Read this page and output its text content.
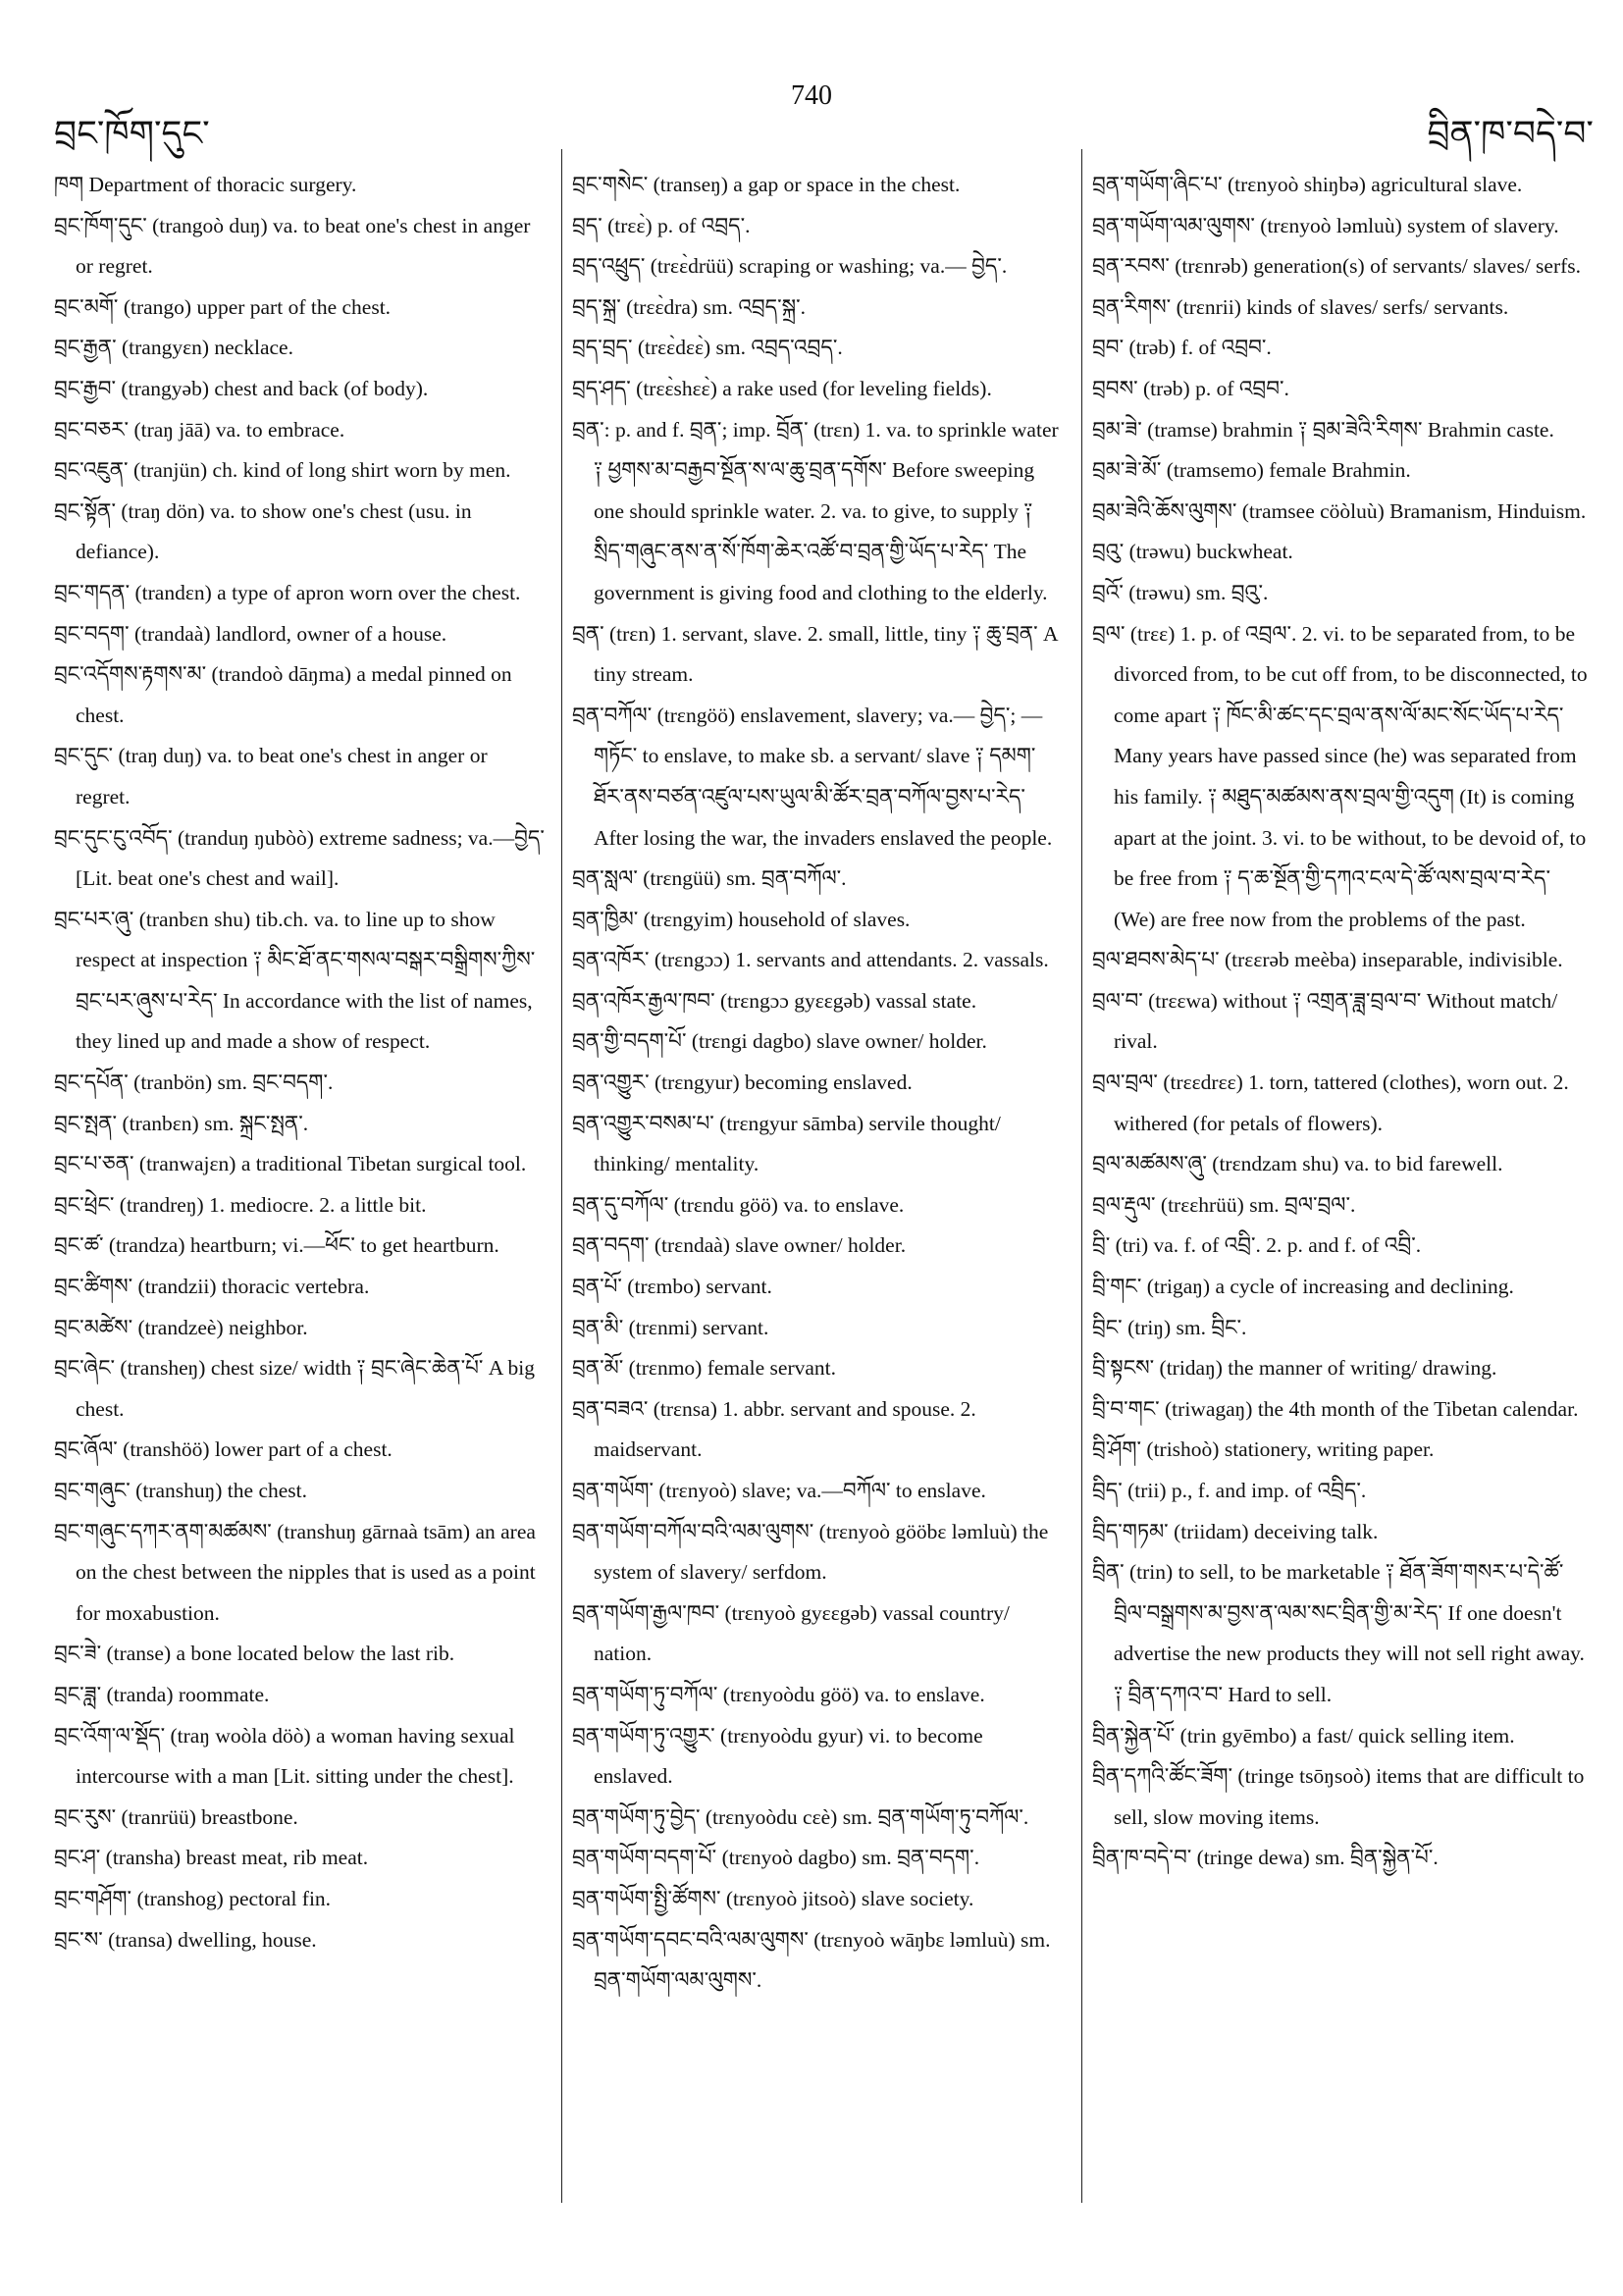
བྲང་ཁོག་དུང་
740
བྲིན་ཁ་བདེ་བ་

ཁག Department of thoracic surgery.

བྲང་ཁོག་དུང་ (trangoò duŋ) va. to beat one's chest in anger or regret.

བྲང་མགོ་ (trango) upper part of the chest.

བྲང་རྒྱན་ (trangyɛn) necklace.

བྲང་རྒྱབ་ (trangyəb) chest and back (of body).

བྲང་བཅར་ (traŋ jāā) va. to embrace.

བྲང་འཇུན་ (tranjün) ch. kind of long shirt worn by men.

བྲང་སྟོན་ (traŋ dön) va. to show one's chest (usu. in defiance).

བྲང་གདན་ (trandɛn) a type of apron worn over the chest.

བྲང་བདག་ (trandaà) landlord, owner of a house.

བྲང་འདོགས་རྟགས་མ་ (trandoò dāŋma) a medal pinned on chest.

བྲང་དུང་ (traŋ duŋ) va. to beat one's chest in anger or regret.

བྲང་དུང་ངུ་འབོད་ (tranduŋ ŋubòò) extreme sadness; va.—བྱེད་ [Lit. beat one's chest and wail].

བྲང་པར་ཞུ་ (tranbɛn shu) tib.ch. va. to line up to show respect at inspection ༑ མིང་ཐོ་ནང་གསལ་བསྒར་བསྒྲིགས་ཀྱིས་བྲང་པར་ཞུས་པ་རེད་ In accordance with the list of names, they lined up and made a show of respect.

བྲང་དཔོན་ (tranbön) sm. བྲང་བདག་.

བྲང་སྤན་ (tranbɛn) sm. སྐྲང་སྤན་.

བྲང་པ་ཅན་ (tranwajɛn) a traditional Tibetan surgical tool.

བྲང་ཕྲེང་ (trandreŋ) 1. mediocre. 2. a little bit.

བྲང་ཚ་ (trandza) heartburn; vi.—ཕོང་ to get heartburn.

བྲང་ཚིགས་ (trandzii) thoracic vertebra.

བྲང་མཚེས་ (trandzeè) neighbor.

བྲང་ཞེང་ (transheŋ) chest size/ width ༑ བྲང་ཞེང་ཆེན་པོ་ A big chest.

བྲང་ཞོལ་ (transhöö) lower part of a chest.

བྲང་གཞུང་ (transhuŋ) the chest.

བྲང་གཞུང་དཀར་ནག་མཚམས་ (transhuŋ gārnaà tsām) an area on the chest between the nipples that is used as a point for moxabustion.

བྲང་ཟེ་ (transe) a bone located below the last rib.

བྲང་ཟླ་ (tranda) roommate.

བྲང་འོག་ལ་སྡོད་ (traŋ woòla döò) a woman having sexual intercourse with a man [Lit. sitting under the chest].

བྲང་རུས་ (tranrüü) breastbone.

བྲང་ཤ་ (transha) breast meat, rib meat.

བྲང་གཤོག་ (transhog) pectoral fin.

བྲང་ས་ (transa) dwelling, house.

བྲང་གསེང་ (transeŋ) a gap or space in the chest.

བྲད་ (trɛɛ̀) p. of འབྲད་.

བྲད་འཕྲུད་ (trɛɛ̀drüü) scraping or washing; va.— བྱེད་.

བྲད་སྐྲ་ (trɛɛ̀dra) sm. འབྲད་སྐྲ་.

བྲད་བྲད་ (trɛɛ̀dɛɛ̀) sm. འབྲད་འབྲད་.

བྲད་ཤད་ (trɛɛ̀shɛɛ̀) a rake used (for leveling fields).

བྲན་: p. and f. བྲན་; imp. བྲོན་ (trɛn) 1. va. to sprinkle water ༑ ཕྱགས་མ་བརྒྱབ་སྔོན་ས་ལ་ཆུ་བྲན་དགོས་ Before sweeping one should sprinkle water. 2. va. to give, to supply ༑ སྲིད་གཞུང་ནས་ན་སོ་ཁོག་ཆེར་འཚོ་བ་བྲན་གྱི་ཡོད་པ་རེད་ The government is giving food and clothing to the elderly.

བྲན་ (trɛn) 1. servant, slave. 2. small, little, tiny ༑ ཆུ་བྲན་ A tiny stream.

བྲན་བཀོལ་ (trɛngöö) enslavement, slavery; va.— བྱེད་; —གཏོང་ to enslave, to make sb. a servant/ slave ༑ དམག་ཐོར་ནས་བཙན་འཛུལ་པས་ཡུལ་མི་ཚོར་བྲན་བཀོལ་བྱས་པ་རེད་ After losing the war, the invaders enslaved the people.

བྲན་སླལ་ (trɛngüü) sm. བྲན་བཀོལ་.

བྲན་ཁྱིམ་ (trɛngyim) household of slaves.

བྲན་འཁོར་ (trɛngɔɔ) 1. servants and attendants. 2. vassals.

བྲན་འཁོར་རྒྱལ་ཁབ་ (trɛngɔɔ gyɛɛgəb) vassal state.

བྲན་གྱི་བདག་པོ་ (trɛngi dagbo) slave owner/ holder.

བྲན་འགྱུར་ (trɛngyur) becoming enslaved.

བྲན་འགྱུར་བསམ་པ་ (trɛngyur sāmba) servile thought/ thinking/ mentality.

བྲན་དུ་བཀོལ་ (trɛndu göö) va. to enslave.

བྲན་བདག་ (trɛndaà) slave owner/ holder.

བྲན་པོ་ (trɛmbo) servant.

བྲན་མི་ (trɛnmi) servant.

བྲན་མོ་ (trɛnmo) female servant.

བྲན་བཟའ་ (trɛnsa) 1. abbr. servant and spouse. 2. maidservant.

བྲན་གཡོག་ (trɛnyoò) slave; va.—བཀོལ་ to enslave.

བྲན་གཡོག་བཀོལ་བའི་ལམ་ལུགས་ (trɛnyoò gööbɛ ləmluù) the system of slavery/ serfdom.

བྲན་གཡོག་རྒྱལ་ཁབ་ (trɛnyoò gyɛɛgəb) vassal country/ nation.

བྲན་གཡོག་ཏུ་བཀོལ་ (trɛnyoòdu göö) va. to enslave.

བྲན་གཡོག་ཏུ་འགྱུར་ (trɛnyoòdu gyur) vi. to become enslaved.

བྲན་གཡོག་ཏུ་བྱེད་ (trɛnyoòdu cɛè) sm. བྲན་གཡོག་ཏུ་བཀོལ་.

བྲན་གཡོག་བདག་པོ་ (trɛnyoò dagbo) sm. བྲན་བདག་.

བྲན་གཡོག་སྤྱི་ཚོགས་ (trɛnyoò jitsoò) slave society.

བྲན་གཡོག་དབང་བའི་ལམ་ལུགས་ (trɛnyoò wāŋbɛ ləmluù) sm. བྲན་གཡོག་ལམ་ལུགས་.

བྲན་གཡོག་ཞིང་པ་ (trɛnyoò shiŋbə) agricultural slave.

བྲན་གཡོག་ལམ་ལུགས་ (trɛnyoò ləmluù) system of slavery.

བྲན་རབས་ (trɛnrəb) generation(s) of servants/ slaves/ serfs.

བྲན་རིགས་ (trɛnrii) kinds of slaves/ serfs/ servants.

བྲབ་ (trəb) f. of འབྲབ་.

བྲབས་ (trəb) p. of འབྲབ་.

བྲམ་ཟེ་ (tramse) brahmin ༑ བྲམ་ཟེའི་རིགས་ Brahmin caste.

བྲམ་ཟེ་མོ་ (tramsemo) female Brahmin.

བྲམ་ཟེའི་ཆོས་ལུགས་ (tramsee cöòluù) Bramanism, Hinduism.

བྲའུ་ (trəwu) buckwheat.

བྲའོ་ (trəwu) sm. བྲའུ་.

བྲལ་ (trɛɛ) 1. p. of འབྲལ་. 2. vi. to be separated from, to be divorced from, to be cut off from, to be disconnected, to come apart ༑ ཁོང་མི་ཚང་དང་བྲལ་ནས་ལོ་མང་སོང་ཡོད་པ་རེད་ Many years have passed since (he) was separated from his family. ༑ མཐུད་མཚམས་ནས་བྲལ་གྱི་འདུག (It) is coming apart at the joint. 3. vi. to be without, to be devoid of, to be free from ༑ ད་ཆ་སྔོན་གྱི་དཀའ་ངལ་དེ་ཚོ་ལས་བྲལ་བ་རེད་ (We) are free now from the problems of the past.

བྲལ་ཐབས་མེད་པ་ (trɛɛrəb meèba) inseparable, indivisible.

བྲལ་བ་ (trɛɛwa) without ༑ འགྲན་ཟླ་བྲལ་བ་ Without match/ rival.

བྲལ་བྲལ་ (trɛɛdrɛɛ) 1. torn, tattered (clothes), worn out. 2. withered (for petals of flowers).

བྲལ་མཚམས་ཞུ་ (trɛndzam shu) va. to bid farewell.

བྲལ་རྡུལ་ (trɛɛhrüü) sm. བྲལ་བྲལ་.

བྲི་ (tri) va. f. of འབྲི་. 2. p. and f. of འབྲི་.

བྲི་གང་ (trigaŋ) a cycle of increasing and declining.

བྲིང་ (triŋ) sm. བྲིང་.

བྲི་སྟངས་ (tridaŋ) the manner of writing/ drawing.

བྲི་བ་གང་ (triwagaŋ) the 4th month of the Tibetan calendar.

བྲི་ཤོག་ (trishoò) stationery, writing paper.

བྲིད་ (trii) p., f. and imp. of འབྲིད་.

བྲིད་གཏམ་ (triidam) deceiving talk.

བྲིན་ (trin) to sell, to be marketable ༑ ཐོན་ཟོག་གསར་པ་དེ་ཚོ་བྲིལ་བསྒྲགས་མ་བྱས་ན་ལམ་སང་བྲིན་གྱི་མ་རེད་ If one doesn't advertise the new products they will not sell right away. ༑ བྲིན་དཀའ་བ་ Hard to sell.

བྲིན་སྐྱེན་པོ་ (trin gyēmbo) a fast/ quick selling item.

བྲིན་དཀའི་ཚོང་ཟོག་ (tringe tsōŋsoò) items that are difficult to sell, slow moving items.

བྲིན་ཁ་བདེ་བ་ (tringe dewa) sm. བྲིན་སྐྱེན་པོ་.
